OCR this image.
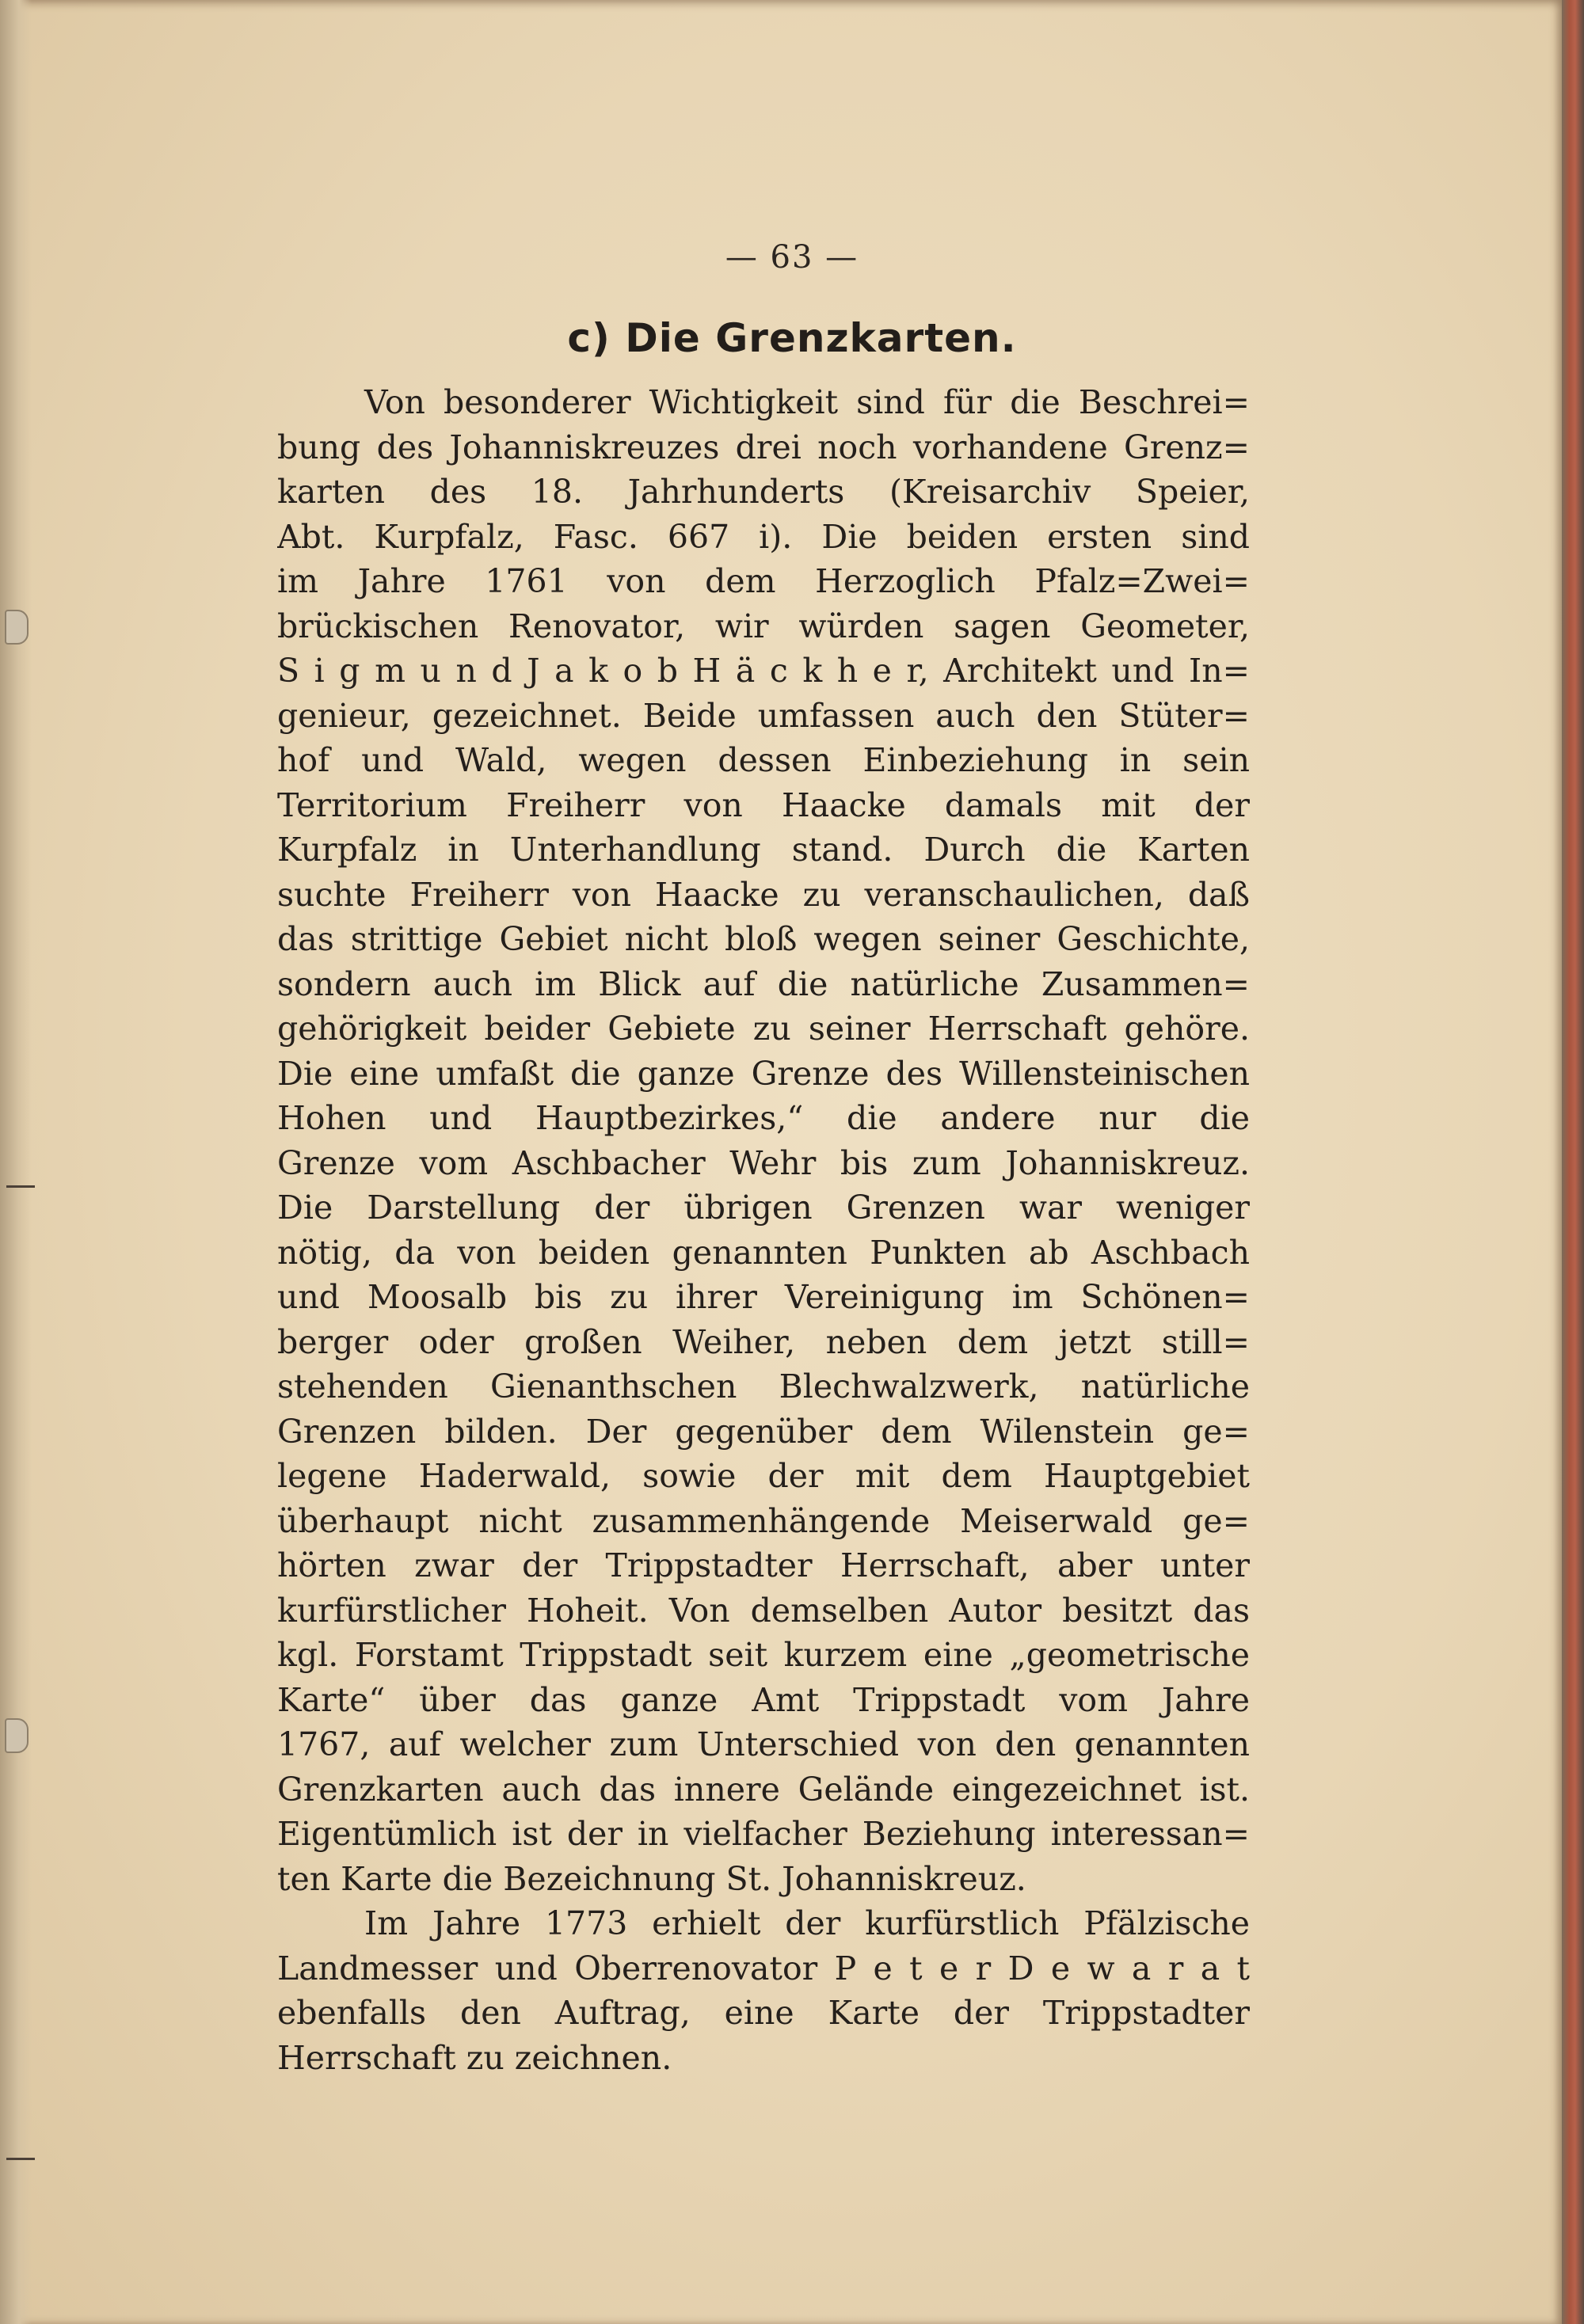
— 63 —
c) Die Grenzkarten.
Von besonderer Wichtigkeit sind für die Beschrei=
bung des Johanniskreuzes drei noch vorhandene Grenz=
karten des 18. Jahrhunderts (Kreisarchiv Speier,
Abt. Kurpfalz, Fasc. 667 i). Die beiden ersten sind
im Jahre 1761 von dem Herzoglich Pfalz=Zwei=
brückischen Renovator, wir würden sagen Geometer,
S i g m u n d J a k o b H ä c k h e r, Architekt und In=
genieur, gezeichnet. Beide umfassen auch den Stüter=
hof und Wald, wegen dessen Einbeziehung in sein
Territorium Freiherr von Haacke damals mit der
Kurpfalz in Unterhandlung stand. Durch die Karten
suchte Freiherr von Haacke zu veranschaulichen, daß
das strittige Gebiet nicht bloß wegen seiner Geschichte,
sondern auch im Blick auf die natürliche Zusammen=
gehörigkeit beider Gebiete zu seiner Herrschaft gehöre.
Die eine umfaßt die ganze Grenze des Willensteinischen
Hohen und Hauptbezirkes,“ die andere nur die
Grenze vom Aschbacher Wehr bis zum Johanniskreuz.
Die Darstellung der übrigen Grenzen war weniger
nötig, da von beiden genannten Punkten ab Aschbach
und Moosalb bis zu ihrer Vereinigung im Schönen=
berger oder großen Weiher, neben dem jetzt still=
stehenden Gienanthschen Blechwalzwerk, natürliche
Grenzen bilden. Der gegenüber dem Wilenstein ge=
legene Haderwald, sowie der mit dem Hauptgebiet
überhaupt nicht zusammenhängende Meiserwald ge=
hörten zwar der Trippstadter Herrschaft, aber unter
kurfürstlicher Hoheit. Von demselben Autor besitzt das
kgl. Forstamt Trippstadt seit kurzem eine „geometrische
Karte“ über das ganze Amt Trippstadt vom Jahre
1767, auf welcher zum Unterschied von den genannten
Grenzkarten auch das innere Gelände eingezeichnet ist.
Eigentümlich ist der in vielfacher Beziehung interessan=
ten Karte die Bezeichnung St. Johanniskreuz.
Im Jahre 1773 erhielt der kurfürstlich Pfälzische
Landmesser und Oberrenovator P e t e r D e w a r a t
ebenfalls den Auftrag, eine Karte der Trippstadter
Herrschaft zu zeichnen.
